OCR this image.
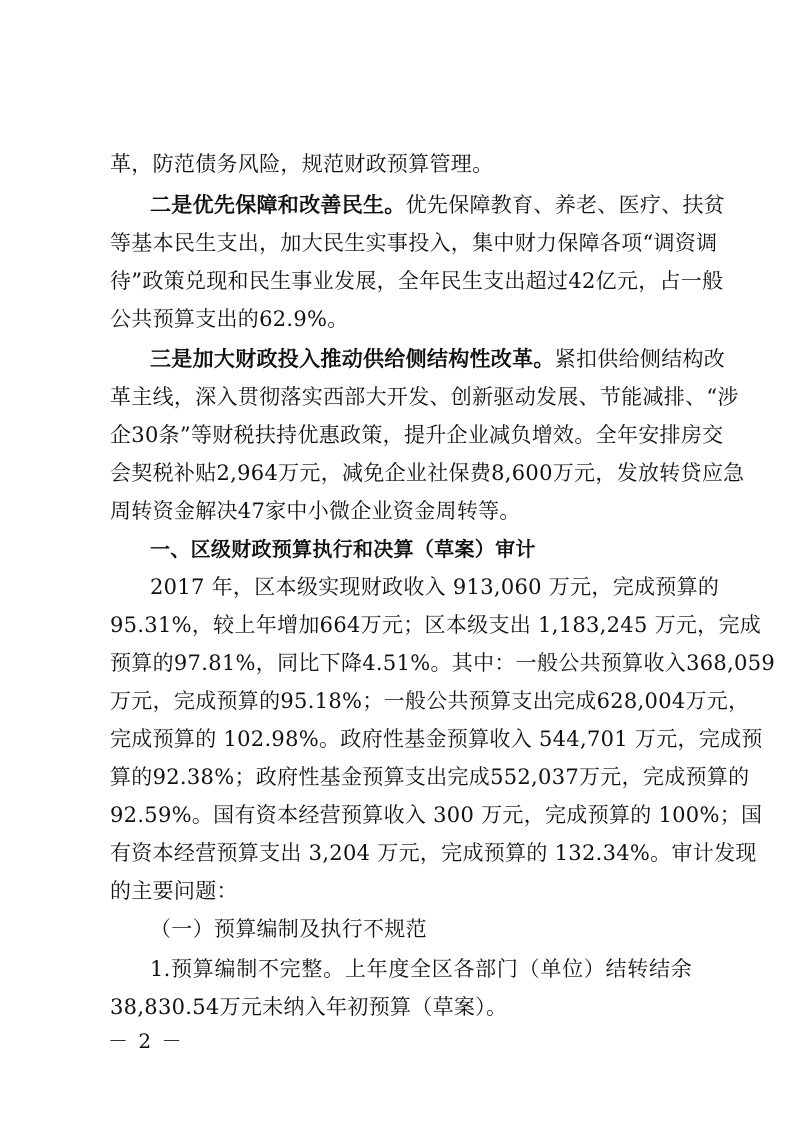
革，防范债务风险，规范财政预算管理。
二是优先保障和改善民生。优先保障教育、养老、医疗、扶贫
等基本民生支出，加大民生实事投入，集中财力保障各项“调资调
待”政策兑现和民生事业发展，全年民生支出超过42亿元，占一般
公共预算支出的62.9%。
三是加大财政投入推动供给侧结构性改革。紧扣供给侧结构改
革主线，深入贯彻落实西部大开发、创新驱动发展、节能减排、“涉
企30条”等财税扶持优惠政策，提升企业减负增效。全年安排房交
会契税补贴2,964万元，减免企业社保费8,600万元，发放转贷应急
周转资金解决47家中小微企业资金周转等。
一、区级财政预算执行和决算（草案）审计
2017 年，区本级实现财政收入 913,060 万元，完成预算的
95.31%，较上年增加664万元；区本级支出 1,183,245 万元，完成
预算的97.81%，同比下降4.51%。其中：一般公共预算收入368,059
万元，完成预算的95.18%；一般公共预算支出完成628,004万元，
完成预算的 102.98%。政府性基金预算收入 544,701 万元，完成预
算的92.38%；政府性基金预算支出完成552,037万元，完成预算的
92.59%。国有资本经营预算收入 300 万元，完成预算的 100%；国
有资本经营预算支出 3,204 万元，完成预算的 132.34%。审计发现
的主要问题：
（一）预算编制及执行不规范
1.预算编制不完整。上年度全区各部门（单位）结转结余
38,830.54万元未纳入年初预算（草案）。
－ 2 －
